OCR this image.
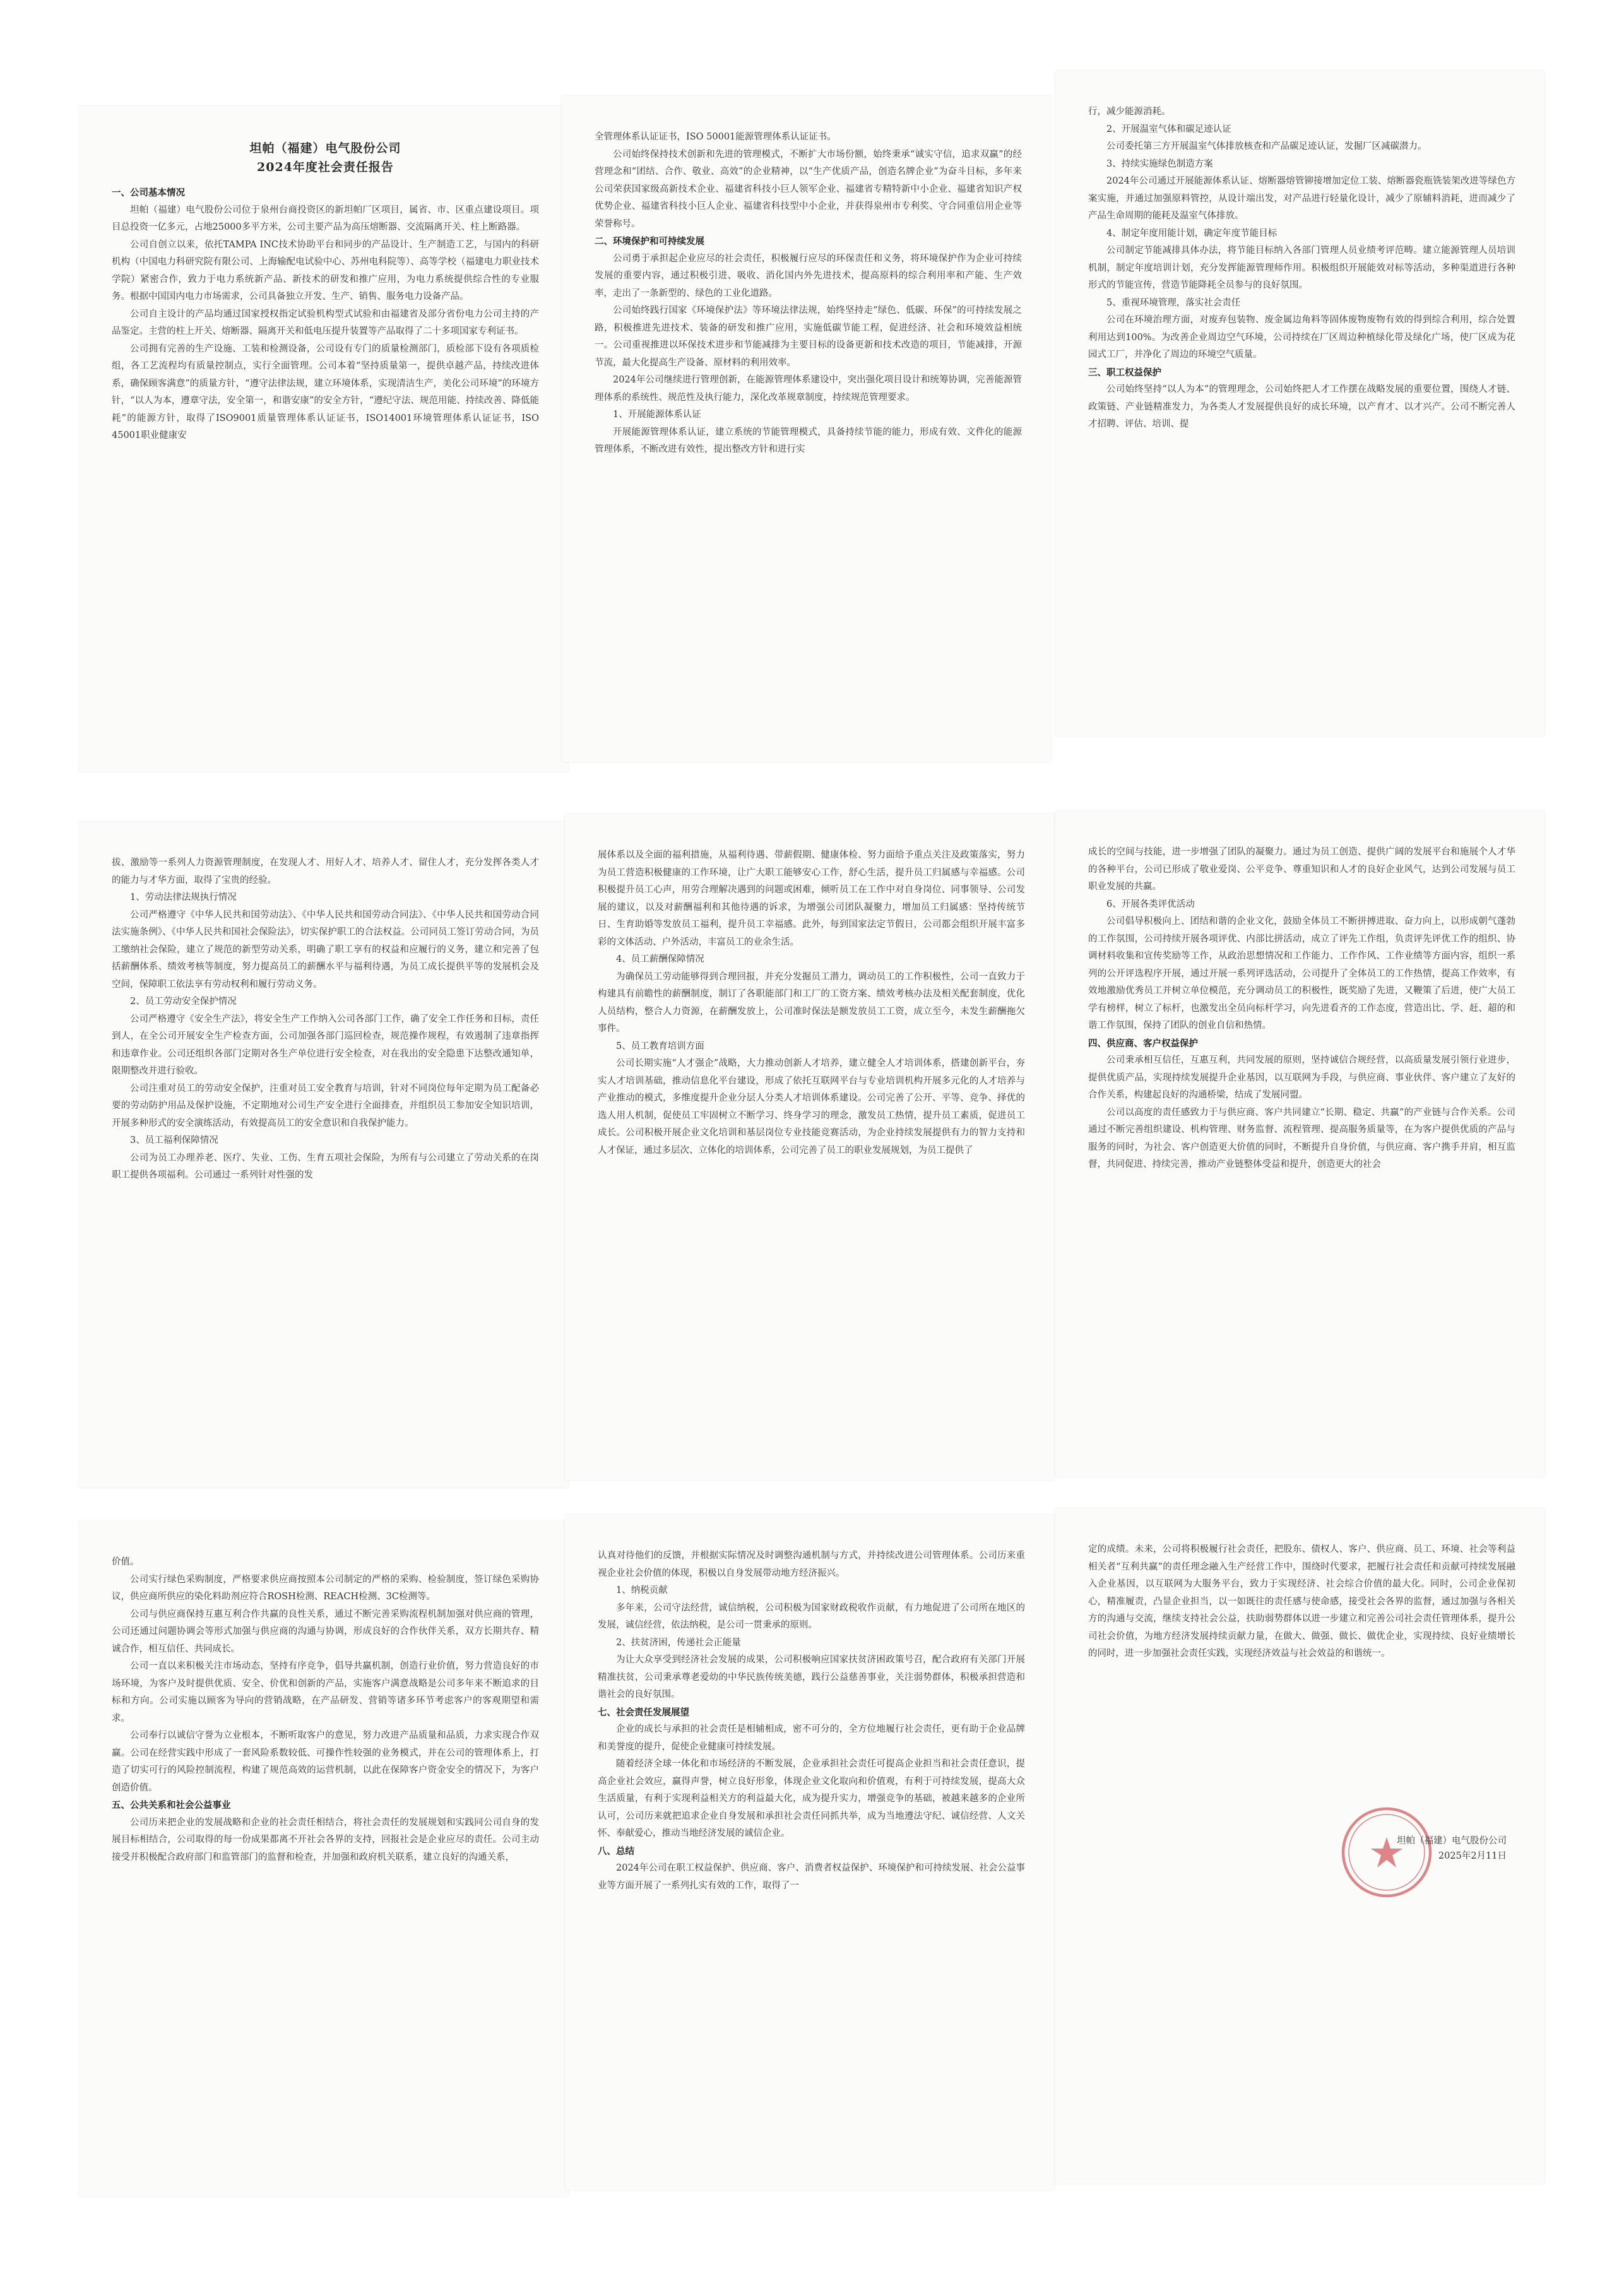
坦帕（福建）电气股份公司
2024年度社会责任报告

一、公司基本情况

坦帕（福建）电气股份公司位于泉州台商投资区的新坦帕厂区项目，属省、市、区重点建设项目。项目总投资一亿多元，占地25000多平方米，公司主要产品为高压熔断器、交流隔离开关、柱上断路器。

公司自创立以来，依托TAMPA INC技术协助平台和同步的产品设计、生产制造工艺，与国内的科研机构（中国电力科研究院有限公司、上海输配电试验中心、苏州电科院等）、高等学校（福建电力职业技术学院）紧密合作，致力于电力系统新产品、新技术的研发和推广应用，为电力系统提供综合性的专业服务。根据中国国内电力市场需求，公司具备独立开发、生产、销售、服务电力设备产品。

公司自主设计的产品均通过国家授权指定试验机构型式试验和由福建省及部分省份电力公司主持的产品鉴定。主营的柱上开关、熔断器、隔离开关和低电压提升装置等产品取得了二十多项国家专利证书。

公司拥有完善的生产设施、工装和检测设备，公司设有专门的质量检测部门，质检部下设有各项质检组，各工艺流程均有质量控制点，实行全面管理。公司本着“坚持质量第一，提供卓越产品，持续改进体系，确保顾客满意”的质量方针，“遵守法律法规，建立环境体系，实现清洁生产，美化公司环境”的环境方针，“以人为本，遵章守法，安全第一，和谐安康”的安全方针，“遵纪守法、规范用能、持续改善、降低能耗”的能源方针，取得了ISO9001质量管理体系认证证书，ISO14001环境管理体系认证证书，ISO 45001职业健康安

全管理体系认证证书，ISO 50001能源管理体系认证证书。

公司始终保持技术创新和先进的管理模式，不断扩大市场份额，始终秉承“诚实守信，追求双赢”的经营理念和“团结、合作、敬业、高效”的企业精神，以“生产优质产品，创造名牌企业”为奋斗目标，多年来公司荣获国家级高新技术企业、福建省科技小巨人领军企业、福建省专精特新中小企业、福建省知识产权优势企业、福建省科技小巨人企业、福建省科技型中小企业，并获得泉州市专利奖、守合同重信用企业等荣誉称号。

二、环境保护和可持续发展

公司勇于承担起企业应尽的社会责任，积极履行应尽的环保责任和义务，将环境保护作为企业可持续发展的重要内容，通过积极引进、吸收、消化国内外先进技术，提高原料的综合利用率和产能、生产效率，走出了一条新型的、绿色的工业化道路。

公司始终践行国家《环境保护法》等环境法律法规，始终坚持走“绿色、低碳、环保”的可持续发展之路，积极推进先进技术、装备的研发和推广应用，实施低碳节能工程，促进经济、社会和环境效益相统一。公司重视推进以环保技术进步和节能减排为主要目标的设备更新和技术改造的项目，节能减排，开源节流，最大化提高生产设备、原材料的利用效率。

2024年公司继续进行管理创新，在能源管理体系建设中，突出强化项目设计和统筹协调，完善能源管理体系的系统性、规范性及执行能力，深化改革规章制度，持续规范管理要求。

1、开展能源体系认证

开展能源管理体系认证，建立系统的节能管理模式，具备持续节能的能力，形成有效、文件化的能源管理体系，不断改进有效性，提出整改方针和进行实

行，减少能源消耗。

2、开展温室气体和碳足迹认证

公司委托第三方开展温室气体排放核查和产品碳足迹认证，发掘厂区减碳潜力。

3、持续实施绿色制造方案

2024年公司通过开展能源体系认证、熔断器熔管铆接增加定位工装、熔断器瓷瓶铣装架改进等绿色方案实施，并通过加强原料管控，从设计端出发，对产品进行轻量化设计，减少了原辅料消耗，进而减少了产品生命周期的能耗及温室气体排放。

4、制定年度用能计划，确定年度节能目标

公司制定节能减排具体办法，将节能目标纳入各部门管理人员业绩考评范畴。建立能源管理人员培训机制，制定年度培训计划，充分发挥能源管理师作用。积极组织开展能效对标等活动，多种渠道进行各种形式的节能宣传，营造节能降耗全员参与的良好氛围。

5、重视环境管理，落实社会责任

公司在环境治理方面，对废弃包装物、废金属边角料等固体废物废物有效的得到综合利用，综合处置利用达到100%。为改善企业周边空气环境，公司持续在厂区周边种植绿化带及绿化广场，使厂区成为花园式工厂，并净化了周边的环境空气质量。

三、职工权益保护

公司始终坚持“以人为本”的管理理念，公司始终把人才工作摆在战略发展的重要位置，围绕人才链、政策链、产业链精准发力，为各类人才发展提供良好的成长环境，以产育才、以才兴产。公司不断完善人才招聘、评估、培训、提

拔、激励等一系列人力资源管理制度，在发现人才、用好人才、培养人才、留住人才，充分发挥各类人才的能力与才华方面，取得了宝贵的经验。

1、劳动法律法规执行情况

公司严格遵守《中华人民共和国劳动法》、《中华人民共和国劳动合同法》、《中华人民共和国劳动合同法实施条例》、《中华人民共和国社会保险法》，切实保护职工的合法权益。公司同员工签订劳动合同，为员工缴纳社会保险，建立了规范的新型劳动关系，明确了职工享有的权益和应履行的义务，建立和完善了包括薪酬体系、绩效考核等制度，努力提高员工的薪酬水平与福利待遇，为员工成长提供平等的发展机会及空间，保障职工依法享有劳动权利和履行劳动义务。

2、员工劳动安全保护情况

公司严格遵守《安全生产法》，将安全生产工作纳入公司各部门工作，确了安全工作任务和目标，责任到人，在全公司开展安全生产检查方面，公司加强各部门巡回检查，规范操作规程，有效遏制了违章指挥和违章作业。公司还组织各部门定期对各生产单位进行安全检查，对在我出的安全隐患下达整改通知单，限期整改并进行验收。

公司注重对员工的劳动安全保护，注重对员工安全教育与培训，针对不同岗位每年定期为员工配备必要的劳动防护用品及保护设施，不定期地对公司生产安全进行全面排查，并组织员工参加安全知识培训，开展多种形式的安全演练活动，有效提高员工的安全意识和自我保护能力。

3、员工福利保障情况

公司为员工办理养老、医疗、失业、工伤、生育五项社会保险，为所有与公司建立了劳动关系的在岗职工提供各项福利。公司通过一系列针对性强的发

展体系以及全面的福利措施，从福利待遇、带薪假期、健康体检、努力面给予重点关注及政策落实，努力为员工营造积极健康的工作环境，让广大职工能够安心工作，舒心生活，提升员工归属感与幸福感。公司积极提升员工心声，用劳合理解决遇到的问题或困难，倾听员工在工作中对自身岗位、同事领导、公司发展的建议，以及对薪酬福利和其他待遇的诉求，为增强公司团队凝聚力，增加员工归属感：坚持传统节日、生育助婚等发放员工福利，提升员工幸福感。此外，每到国家法定节假日，公司都会组织开展丰富多彩的文体活动、户外活动，丰富员工的业余生活。

4、员工薪酬保障情况

为确保员工劳动能够得到合理回报，并充分发掘员工潜力，调动员工的工作积极性，公司一直致力于构建具有前瞻性的薪酬制度，制订了各职能部门和工厂的工资方案、绩效考核办法及相关配套制度，优化人员结构，整合人力资源，在薪酬发放上，公司准时保法是额发放员工工资，成立至今，未发生薪酬拖欠事件。

5、员工教育培训方面

公司长期实施“人才强企”战略，大力推动创新人才培养，建立健全人才培训体系，搭建创新平台，夯实人才培训基础，推动信息化平台建设，形成了依托互联网平台与专业培训机构开展多元化的人才培养与产业推动的模式，多维度提升企业分层人分类人才培训体系建设。公司完善了公开、平等、竞争、择优的选人用人机制，促使员工牢固树立不断学习、终身学习的理念，激发员工热情，提升员工素质，促进员工成长。公司积极开展企业文化培训和基层岗位专业技能竞赛活动，为企业持续发展提供有力的智力支持和人才保证，通过多层次、立体化的培训体系，公司完善了员工的职业发展规划，为员工提供了

成长的空间与技能，进一步增强了团队的凝聚力。通过为员工创造、提供广阔的发展平台和施展个人才华的各种平台，公司已形成了敬业爱岗、公平竞争、尊重知识和人才的良好企业风气，达到公司发展与员工职业发展的共赢。

6、开展各类评优活动

公司倡导积极向上、团结和谐的企业文化，鼓励全体员工不断拼搏进取、奋力向上，以形成朝气蓬勃的工作氛围，公司持续开展各项评优、内部比拼活动，成立了评先工作组，负责评先评优工作的组织、协调材料收集和宣传奖励等工作，从政治思想情况和工作能力、工作作风、工作业绩等方面内容，组织一系列的公开评选程序开展，通过开展一系列评选活动，公司提升了全体员工的工作热情，提高工作效率，有效地激励优秀员工并树立单位模范，充分调动员工的积极性，既奖励了先进，又鞭策了后进，使广大员工学有榜样，树立了标杆，也激发出全员向标杆学习，向先进看齐的工作态度，营造出比、学、赶、超的和谐工作氛围，保持了团队的创业自信和热情。

四、供应商、客户权益保护

公司秉承相互信任，互惠互利，共同发展的原则，坚持诚信合规经营，以高质量发展引领行业进步，提供优质产品，实现持续发展提升企业基因，以互联网为手段，与供应商、事业伙伴、客户建立了友好的合作关系，构建起良好的沟通桥梁，结成了发展同盟。

公司以高度的责任感致力于与供应商、客户共同建立“长期、稳定、共赢”的产业链与合作关系。公司通过不断完善组织建设、机构管理、财务监督、流程管理、提高服务质量等，在为客户提供优质的产品与服务的同时，为社会、客户创造更大价值的同时，不断提升自身价值，与供应商、客户携手并肩，相互监督，共同促进、持续完善，推动产业链整体受益和提升，创造更大的社会

价值。

公司实行绿色采购制度，严格要求供应商按照本公司制定的严格的采购、检验制度，签订绿色采购协议，供应商所供应的染化料助剂应符合ROSH检测、REACH检测、3C检测等。

公司与供应商保持互惠互利合作共赢的良性关系，通过不断完善采购流程机制加强对供应商的管理，公司还通过问题协调会等形式加强与供应商的沟通与协调，形成良好的合作伙伴关系，双方长期共存、精诚合作，相互信任、共同成长。

公司一直以来积极关注市场动态，坚持有序竞争，倡导共赢机制，创造行业价值，努力营造良好的市场环境，为客户及时提供优质、安全、价优和创新的产品，实施客户满意战略是公司多年来不断追求的目标和方向。公司实施以顾客为导向的营销战略，在产品研发、营销等诸多环节考虑客户的客观期望和需求。

公司奉行以诚信守誉为立业根本，不断听取客户的意见，努力改进产品质量和品质，力求实现合作双赢。公司在经营实践中形成了一套风险系数较低、可操作性较强的业务模式，并在公司的管理体系上，打造了切实可行的风险控制流程，构建了规范高效的运营机制，以此在保障客户资金安全的情况下，为客户创造价值。

五、公共关系和社会公益事业

公司历来把企业的发展战略和企业的社会责任相结合，将社会责任的发展规划和实践同公司自身的发展目标相结合，公司取得的每一份成果都离不开社会各界的支持，回报社会是企业应尽的责任。公司主动接受并积极配合政府部门和监管部门的监督和检查，并加强和政府机关联系，建立良好的沟通关系，

认真对待他们的反馈，并根据实际情况及时调整沟通机制与方式，并持续改进公司管理体系。公司历来重视企业社会价值的体现，积极以自身发展带动地方经济振兴。

1、纳税贡献

多年来，公司守法经营，诚信纳税，公司积极为国家财政税收作贡献，有力地促进了公司所在地区的发展，诚信经营，依法纳税，是公司一贯秉承的原则。

2、扶贫济困，传递社会正能量

为让大众享受到经济社会发展的成果，公司积极响应国家扶贫济困政策号召，配合政府有关部门开展精准扶贫，公司秉承尊老爱幼的中华民族传统美德，践行公益慈善事业，关注弱势群体，积极承担营造和谐社会的良好氛围。

七、社会责任发展展望

企业的成长与承担的社会责任是相辅相成，密不可分的，全方位地履行社会责任，更有助于企业品牌和美誉度的提升，促使企业健康可持续发展。

随着经济全球一体化和市场经济的不断发展，企业承担社会责任可提高企业担当和社会责任意识，提高企业社会效应，赢得声誉，树立良好形象，体现企业文化取向和价值观，有利于可持续发展，提高大众生活质量，有利于实现利益相关方的利益最大化，成为提升实力，增强竞争的基础，被越来越多的企业所认可，公司历来就把追求企业自身发展和承担社会责任同抓共举，成为当地遵法守纪、诚信经营、人文关怀、奉献爱心，推动当地经济发展的诚信企业。

八、总结

2024年公司在职工权益保护、供应商、客户、消费者权益保护、环境保护和可持续发展、社会公益事业等方面开展了一系列扎实有效的工作，取得了一

定的成绩。未来，公司将积极履行社会责任，把股东、债权人、客户、供应商、员工、环境、社会等利益相关者“互利共赢”的责任理念融入生产经营工作中，围绕时代要求，把履行社会责任和贡献可持续发展融入企业基因，以互联网为大服务平台，致力于实现经济、社会综合价值的最大化。同时，公司企业保初心，精准履责，凸显企业担当，以一如既往的责任感与使命感，接受社会各界的监督，通过加强与各相关方的沟通与交流，继续支持社会公益，扶助弱势群体以进一步建立和完善公司社会责任管理体系，提升公司社会价值，为地方经济发展持续贡献力量，在做大、做强、做长、做优企业，实现持续、良好业绩增长的同时，进一步加强社会责任实践，实现经济效益与社会效益的和谐统一。

坦帕（福建）电气股份公司
2025年2月11日
